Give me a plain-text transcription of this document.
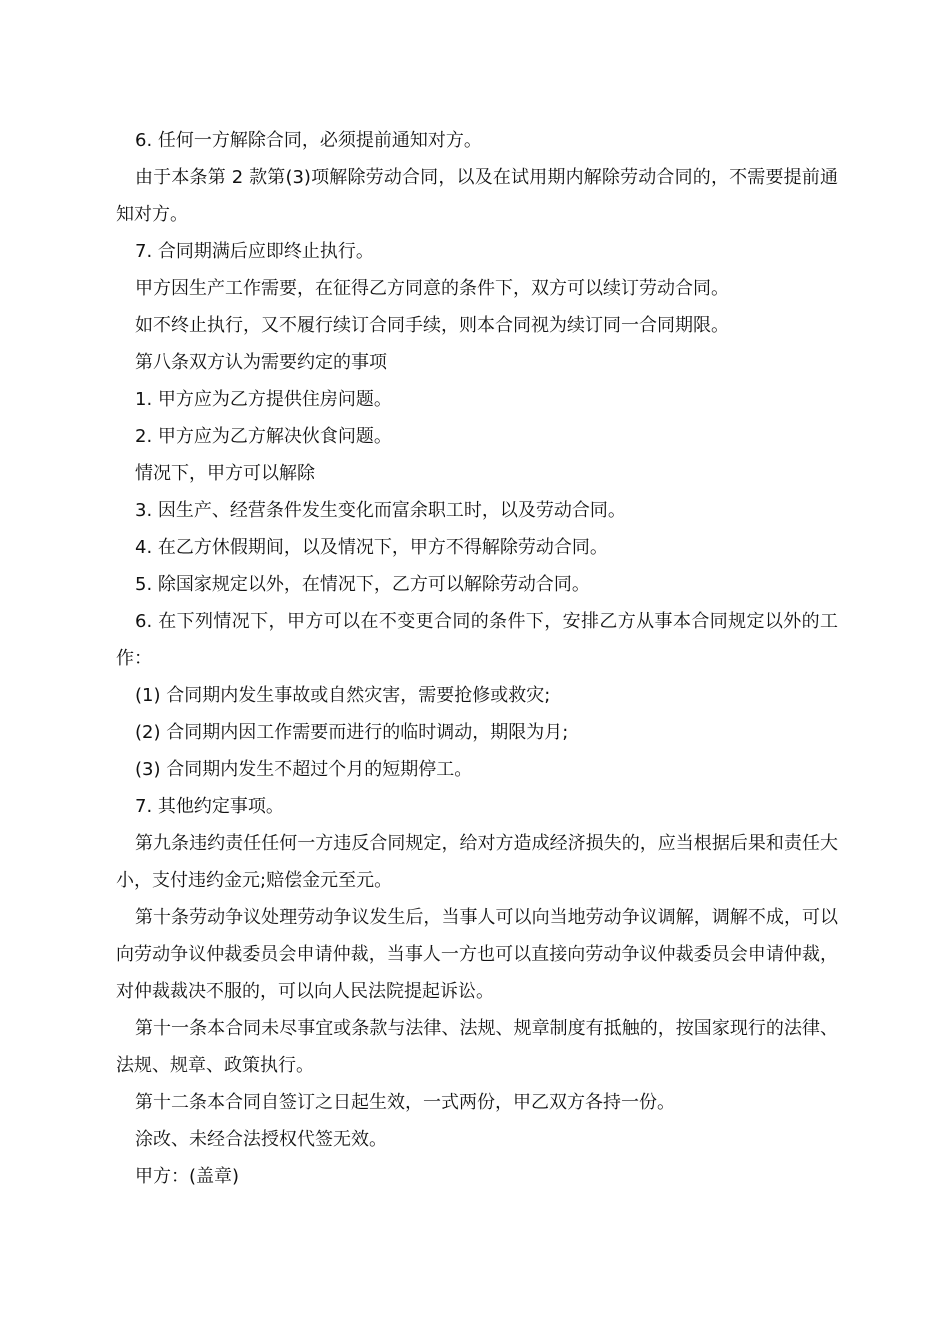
6. 任何一方解除合同，必须提前通知对方。

由于本条第 2 款第(3)项解除劳动合同，以及在试用期内解除劳动合同的，不需要提前通知对方。

7. 合同期满后应即终止执行。

甲方因生产工作需要，在征得乙方同意的条件下，双方可以续订劳动合同。

如不终止执行，又不履行续订合同手续，则本合同视为续订同一合同期限。

第八条双方认为需要约定的事项

1. 甲方应为乙方提供住房问题。

2. 甲方应为乙方解决伙食问题。

情况下，甲方可以解除

3. 因生产、经营条件发生变化而富余职工时，以及劳动合同。

4. 在乙方休假期间，以及情况下，甲方不得解除劳动合同。

5. 除国家规定以外，在情况下，乙方可以解除劳动合同。

6. 在下列情况下，甲方可以在不变更合同的条件下，安排乙方从事本合同规定以外的工作：

(1) 合同期内发生事故或自然灾害，需要抢修或救灾;

(2) 合同期内因工作需要而进行的临时调动，期限为月;

(3) 合同期内发生不超过个月的短期停工。

7. 其他约定事项。

第九条违约责任任何一方违反合同规定，给对方造成经济损失的，应当根据后果和责任大小，支付违约金元;赔偿金元至元。

第十条劳动争议处理劳动争议发生后，当事人可以向当地劳动争议调解，调解不成，可以向劳动争议仲裁委员会申请仲裁，当事人一方也可以直接向劳动争议仲裁委员会申请仲裁，对仲裁裁决不服的，可以向人民法院提起诉讼。

第十一条本合同未尽事宜或条款与法律、法规、规章制度有抵触的，按国家现行的法律、法规、规章、政策执行。

第十二条本合同自签订之日起生效，一式两份，甲乙双方各持一份。

涂改、未经合法授权代签无效。

甲方：(盖章)
